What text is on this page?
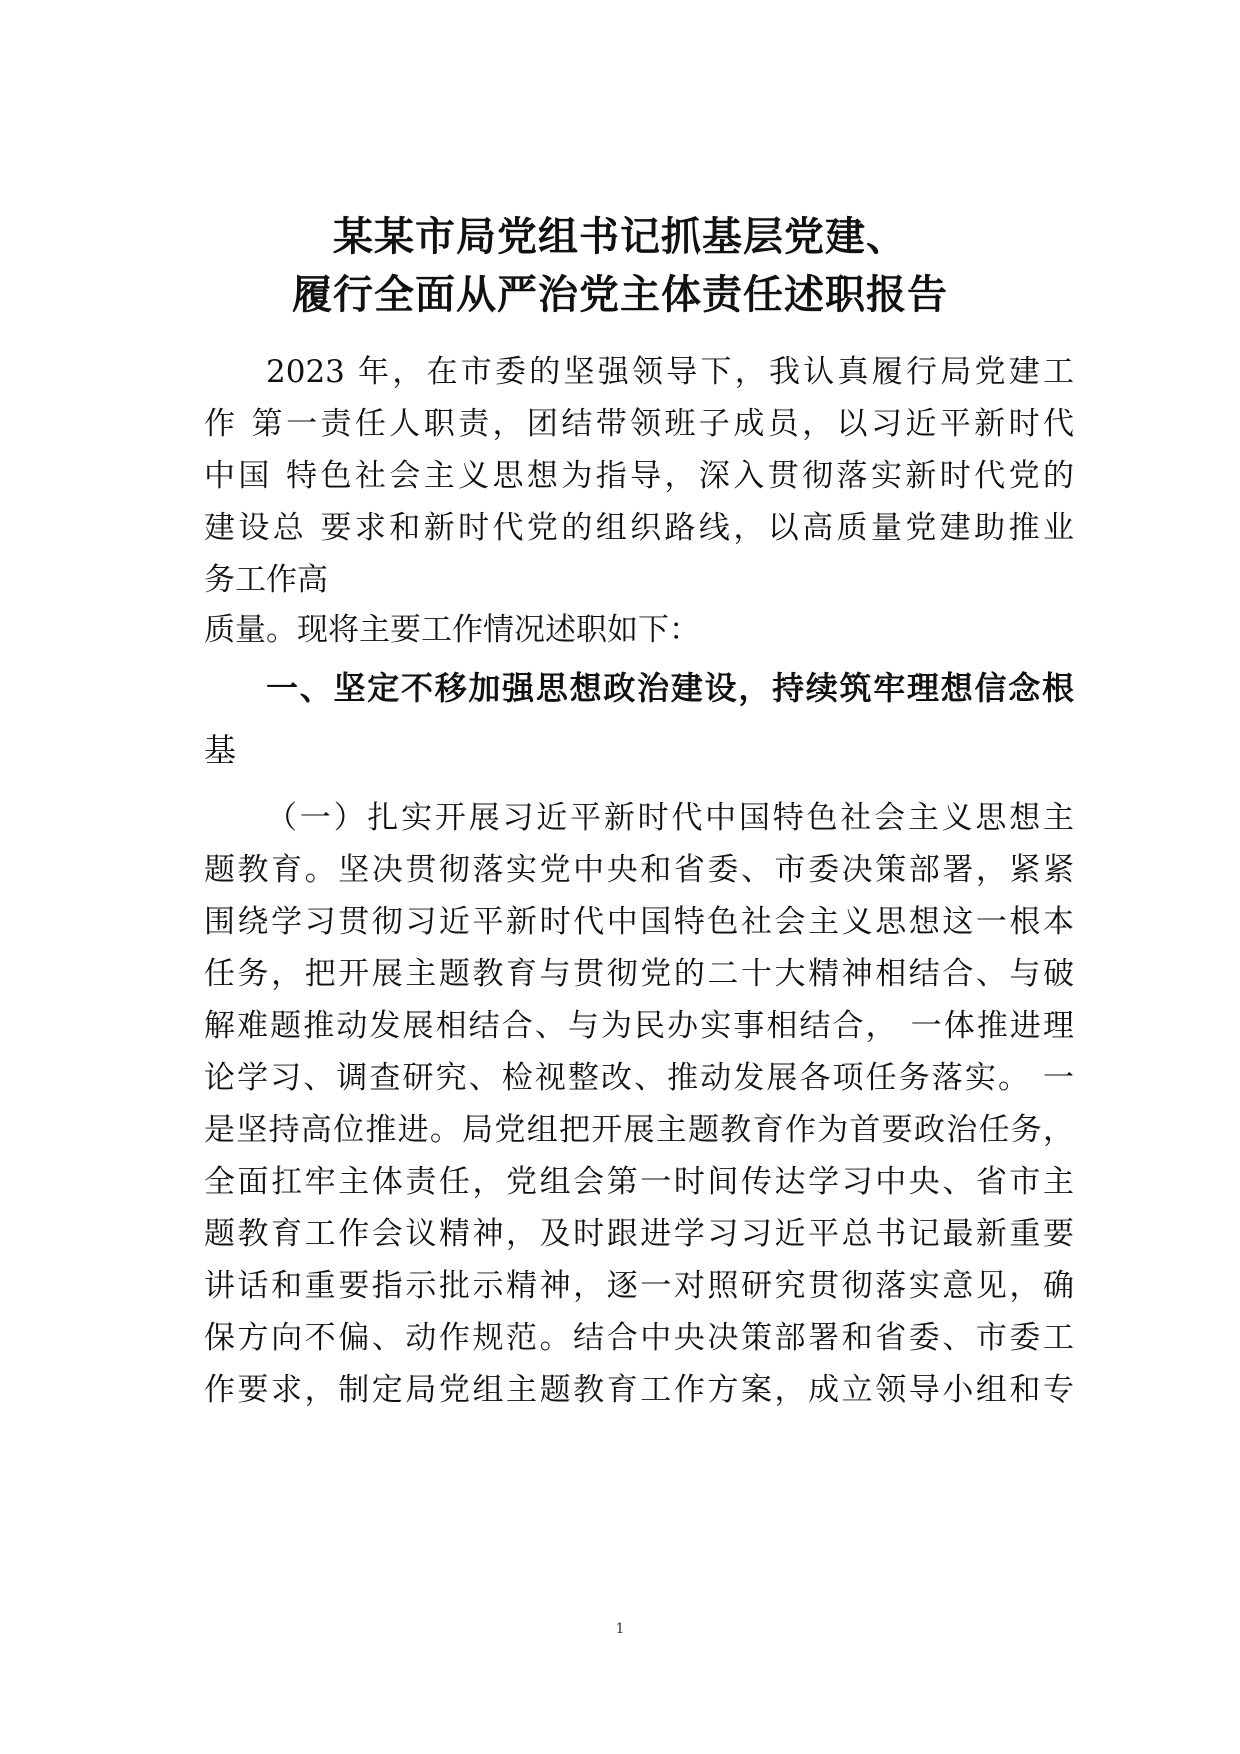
某某市局党组书记抓基层党建、
履行全面从严治党主体责任述职报告
2023 年，在市委的坚强领导下，我认真履行局党建工
作 第一责任人职责，团结带领班子成员，以习近平新时代
中国 特色社会主义思想为指导，深入贯彻落实新时代党的
建设总 要求和新时代党的组织路线，以高质量党建助推业
务工作高
质量。现将主要工作情况述职如下：
一、坚定不移加强思想政治建设，持续筑牢理想信念根
基
（一）扎实开展习近平新时代中国特色社会主义思想主
题教育。坚决贯彻落实党中央和省委、市委决策部署，紧紧
围绕学习贯彻习近平新时代中国特色社会主义思想这一根本
任务，把开展主题教育与贯彻党的二十大精神相结合、与破
解难题推动发展相结合、与为民办实事相结合， 一体推进理
论学习、调查研究、检视整改、推动发展各项任务落实。 一
是坚持高位推进。局党组把开展主题教育作为首要政治任务，
全面扛牢主体责任，党组会第一时间传达学习中央、省市主
题教育工作会议精神，及时跟进学习习近平总书记最新重要
讲话和重要指示批示精神，逐一对照研究贯彻落实意见，确
保方向不偏、动作规范。结合中央决策部署和省委、市委工
作要求，制定局党组主题教育工作方案，成立领导小组和专
1
